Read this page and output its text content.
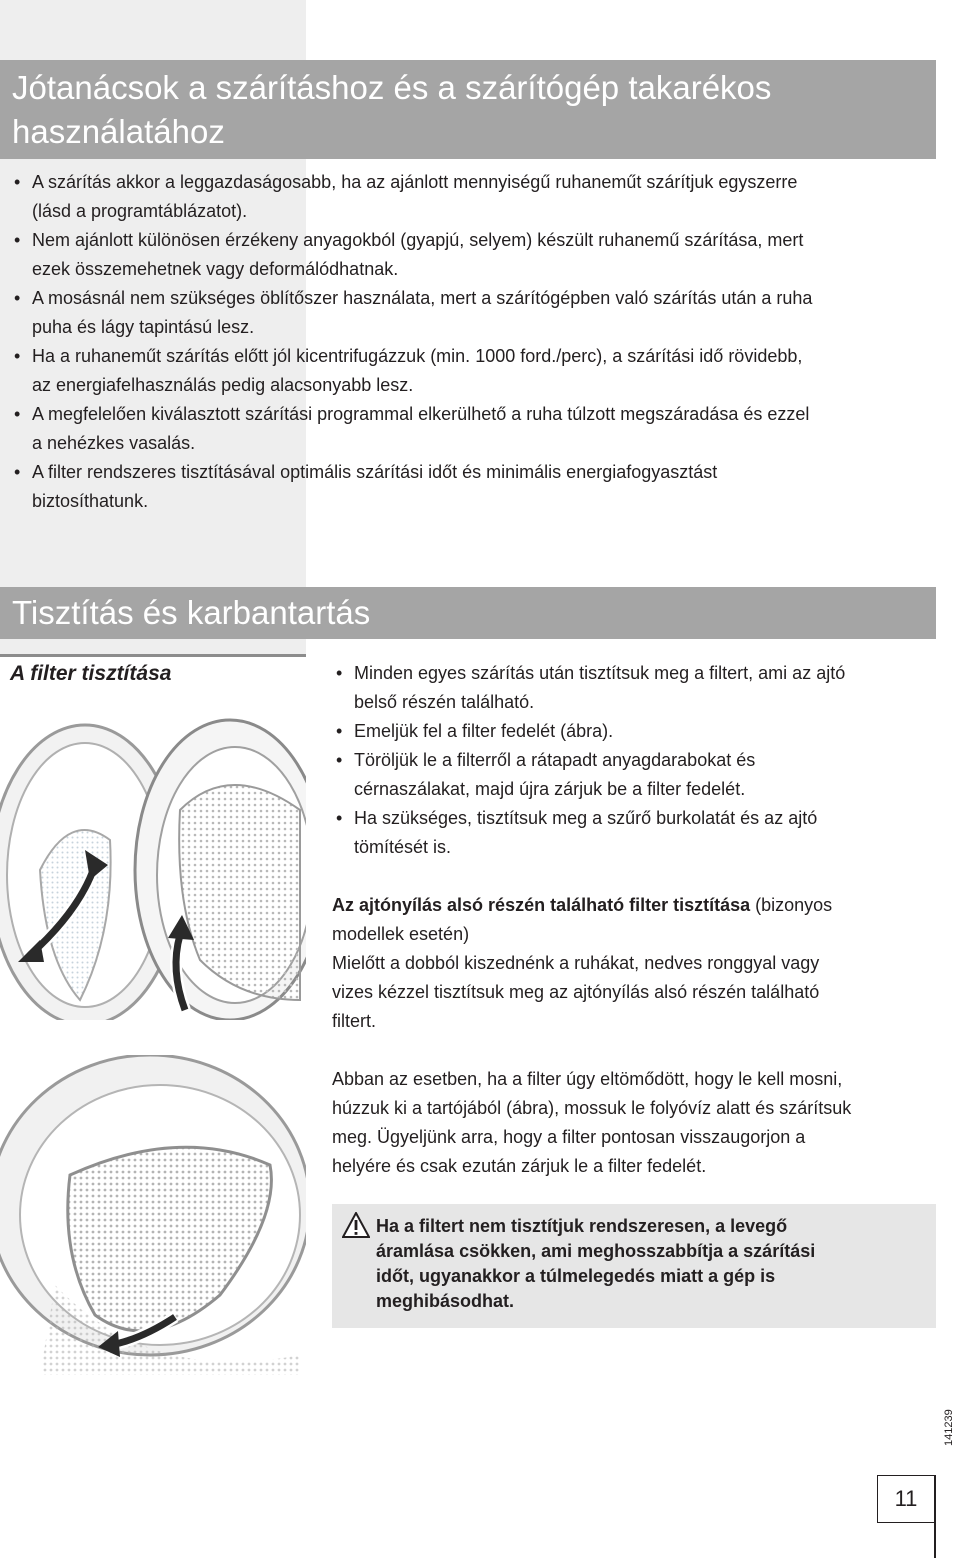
Jótanácsok a szárításhoz és a szárítógép takarékos
használatához
• A szárítás akkor a leggazdaságosabb, ha az ajánlott mennyiségű ruhaneműt szárítjuk egyszerre
(lásd a programtáblázatot).
• Nem ajánlott különösen érzékeny anyagokból (gyapjú, selyem) készült ruhanemű szárítása, mert
ezek összemehetnek vagy deformálódhatnak.
• A mosásnál nem szükséges öblítőszer használata, mert a szárítógépben való szárítás után a ruha
puha és lágy tapintású lesz.
• Ha a ruhaneműt szárítás előtt jól kicentrifugázzuk (min. 1000 ford./perc), a szárítási idő rövidebb,
az energiafelhasználás pedig alacsonyabb lesz.
• A megfelelően kiválasztott szárítási programmal elkerülhető a ruha túlzott megszáradása és ezzel
a nehézkes vasalás.
• A filter rendszeres tisztításával optimális szárítási időt és minimális energiafogyasztást
biztosíthatunk.
Tisztítás és karbantartás
A filter tisztítása
•	Minden egyes szárítás után tisztítsuk meg a filtert, ami az ajtó
belső részén található.
• Emeljük fel a filter fedelét (ábra).
• Töröljük le a filterről a rátapadt anyagdarabokat és
cérnaszálakat, majd újra zárjuk be a filter fedelét.
• Ha szükséges, tisztítsuk meg a szűrő burkolatát és az ajtó
tömítését is.
Az ajtónyílás alsó részén található filter tisztítása (bizonyos
modellek esetén)
Mielőtt a dobból kiszednénk a ruhákat, nedves ronggyal vagy
vizes kézzel tisztítsuk meg az ajtónyílás alsó részén található
filtert.
Abban az esetben, ha a filter úgy eltömődött, hogy le kell mosni,
húzzuk ki a tartójából (ábra), mossuk le folyóvíz alatt és szárítsuk
meg. Ügyeljünk arra, hogy a filter pontosan visszaugorjon a
helyére és csak ezután zárjuk le a filter fedelét.
Ha a filtert nem tisztítjuk rendszeresen, a levegő
áramlása csökken, ami meghosszabbítja a szárítási
időt, ugyanakkor a túlmelegedés miatt a gép is
meghibásodhat.
141239
11
